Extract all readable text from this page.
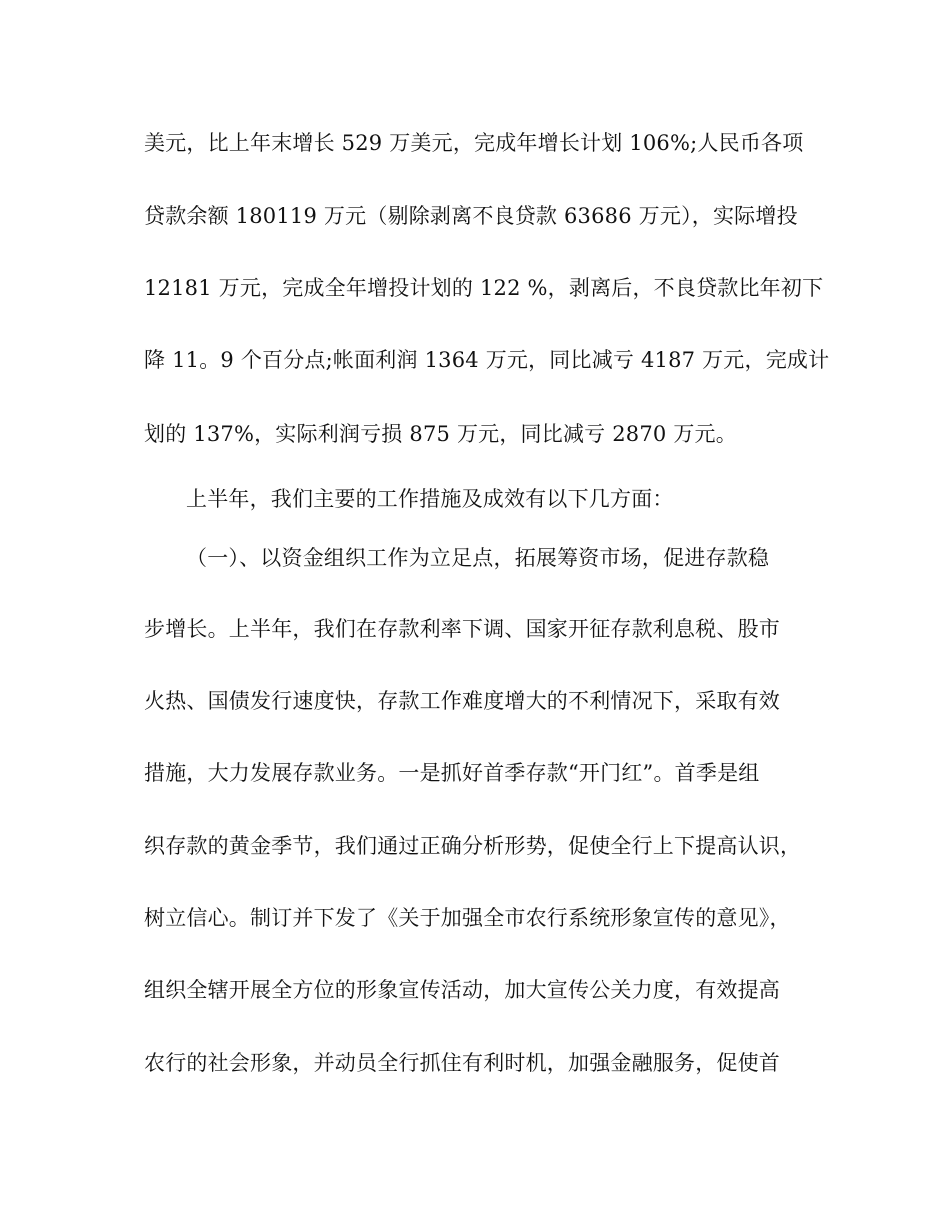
美元，比上年末增长 529 万美元，完成年增长计划 106%;人民币各项
贷款余额 180119 万元（剔除剥离不良贷款 63686 万元），实际增投
12181 万元，完成全年增投计划的 122 %，剥离后，不良贷款比年初下
降 11。9 个百分点;帐面利润 1364 万元，同比减亏 4187 万元，完成计
划的 137%，实际利润亏损 875 万元，同比减亏 2870 万元。
上半年，我们主要的工作措施及成效有以下几方面：
（一）、以资金组织工作为立足点，拓展筹资市场，促进存款稳
步增长。上半年，我们在存款利率下调、国家开征存款利息税、股市
火热、国债发行速度快，存款工作难度增大的不利情况下，采取有效
措施，大力发展存款业务。一是抓好首季存款“开门红”。首季是组
织存款的黄金季节，我们通过正确分析形势，促使全行上下提高认识，
树立信心。制订并下发了《关于加强全市农行系统形象宣传的意见》，
组织全辖开展全方位的形象宣传活动，加大宣传公关力度，有效提高
农行的社会形象，并动员全行抓住有利时机，加强金融服务，促使首
